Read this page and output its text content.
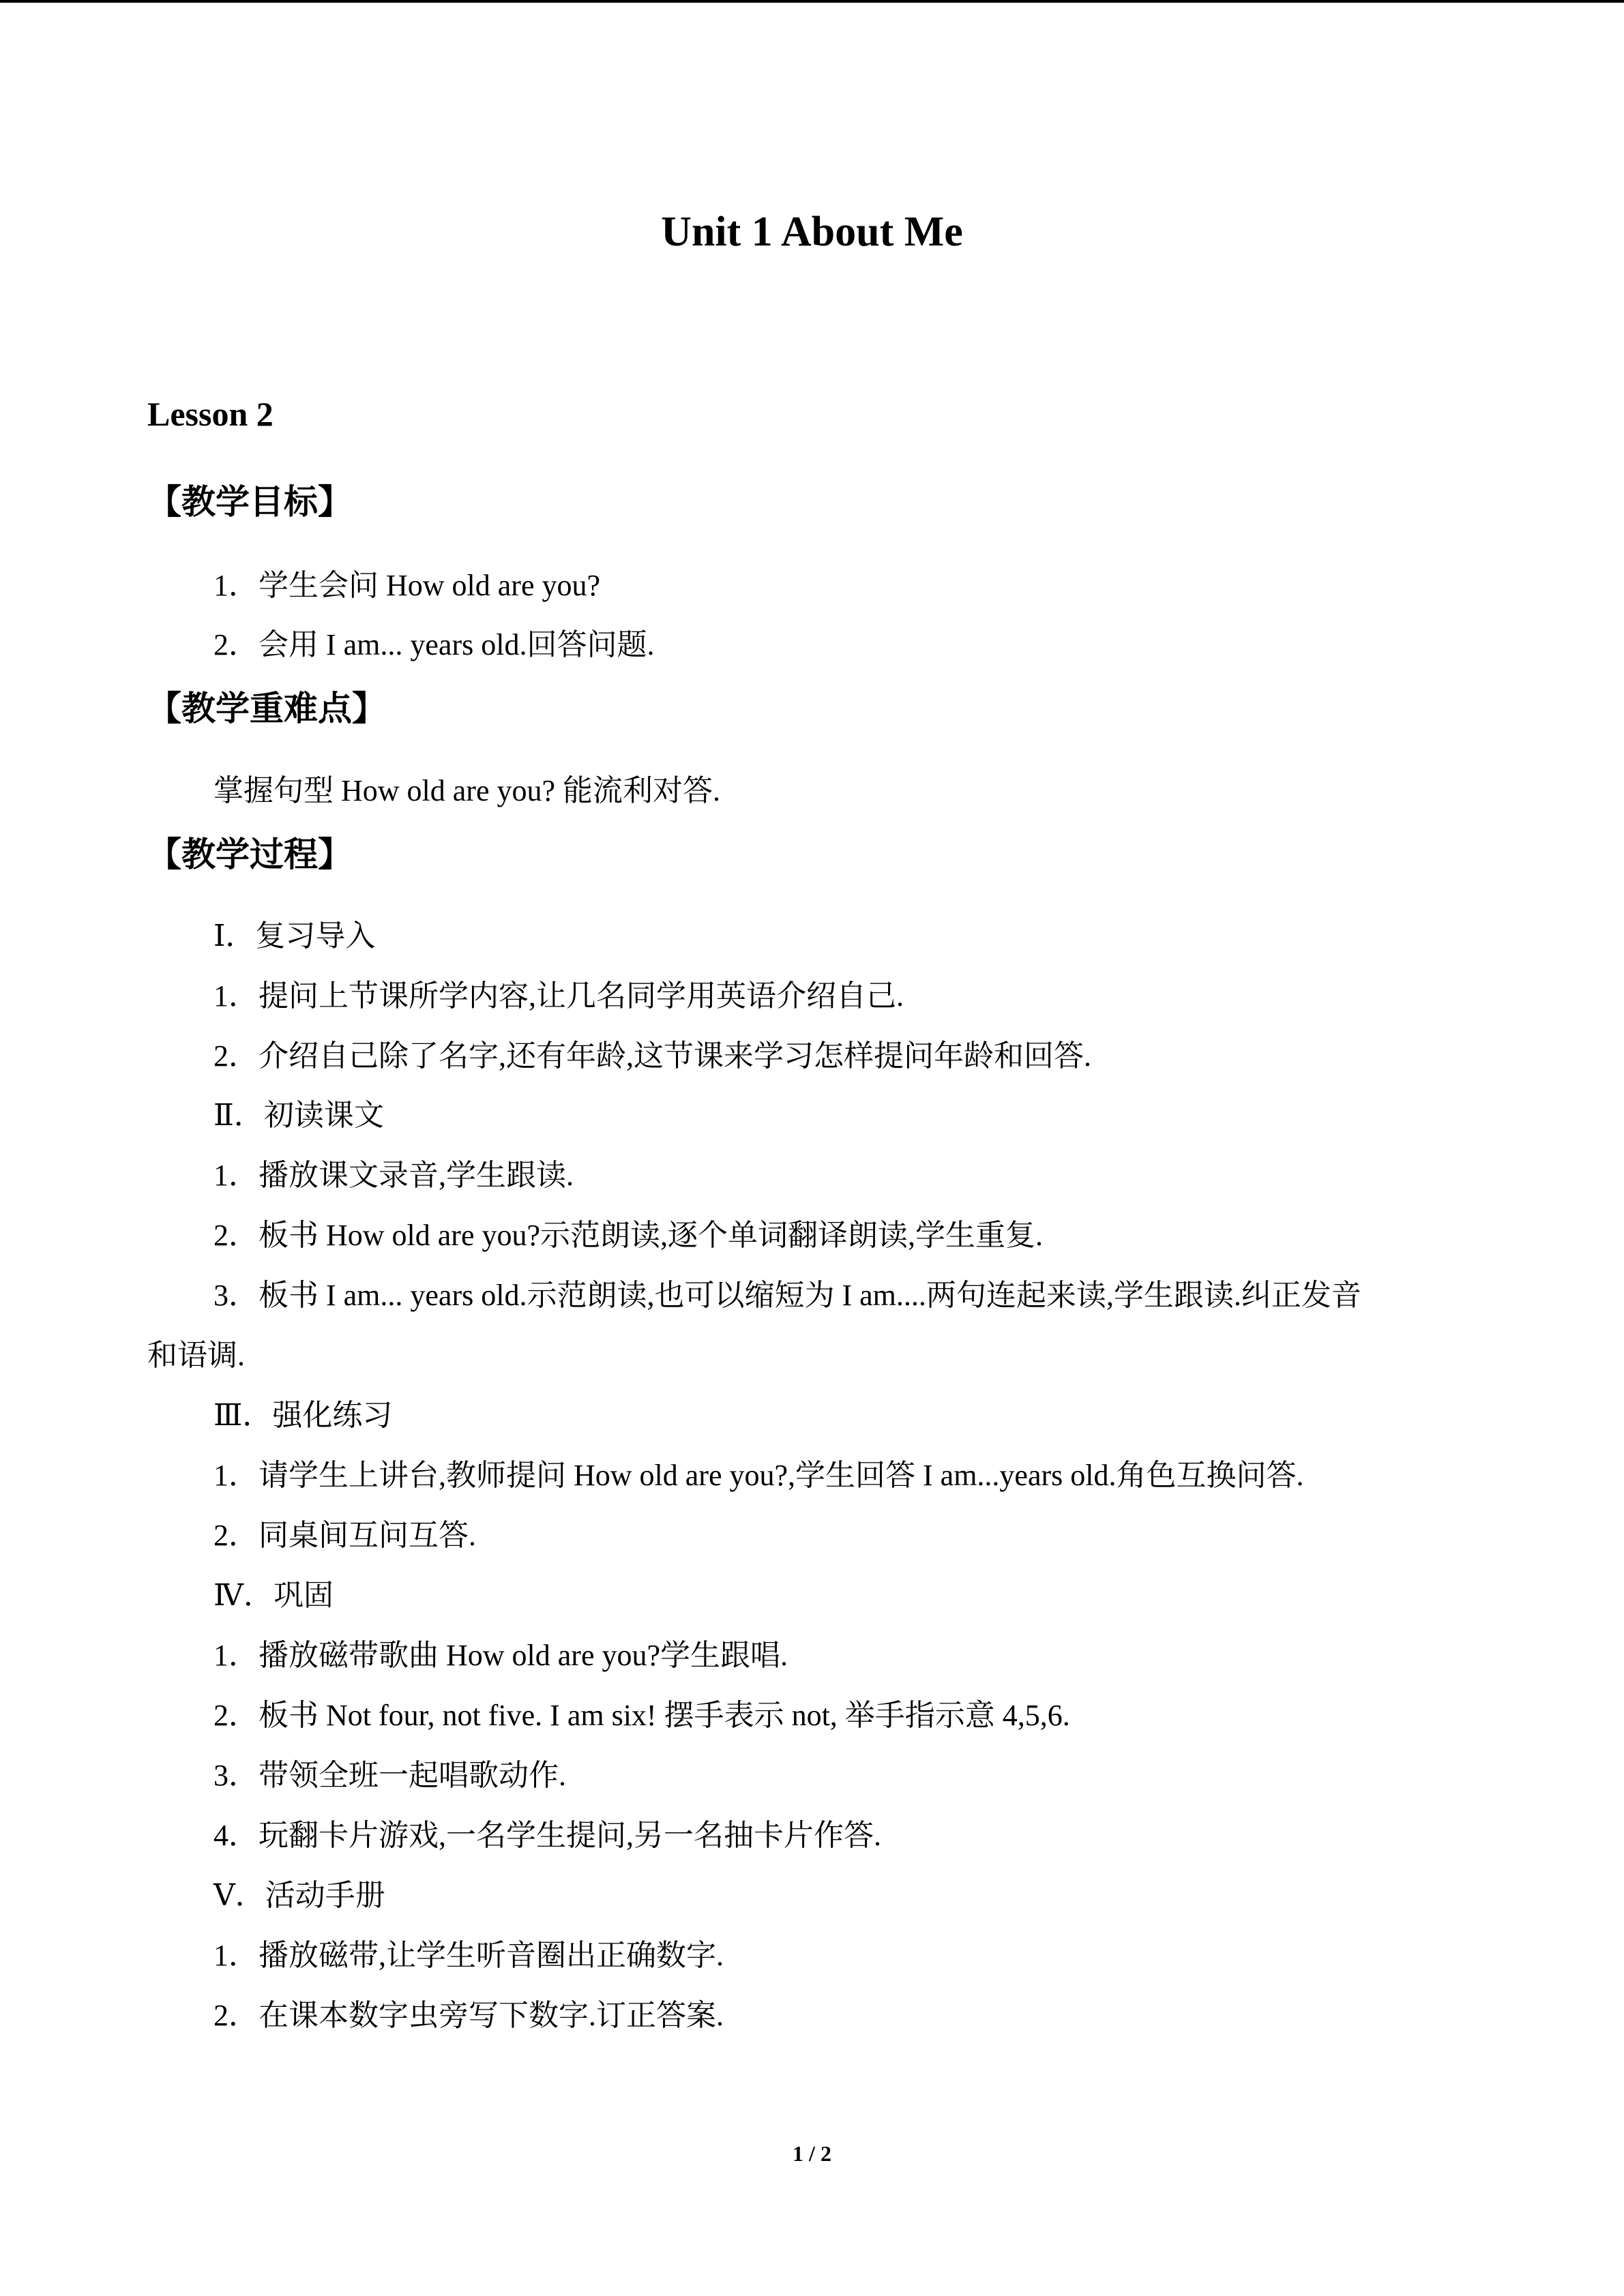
Unit 1 About Me
Lesson 2
【教学目标】
1．学生会问 How old are you?
2．会用 I am... years old.回答问题.
【教学重难点】
掌握句型 How old are you? 能流利对答.
【教学过程】
Ⅰ．复习导入
1．提问上节课所学内容,让几名同学用英语介绍自己.
2．介绍自己除了名字,还有年龄,这节课来学习怎样提问年龄和回答.
Ⅱ．初读课文
1．播放课文录音,学生跟读.
2．板书 How old are you?示范朗读,逐个单词翻译朗读,学生重复.
3．板书 I am... years old.示范朗读,也可以缩短为 I am....两句连起来读,学生跟读.纠正发音
和语调.
Ⅲ．强化练习
1．请学生上讲台,教师提问 How old are you?,学生回答 I am...years old.角色互换问答.
2．同桌间互问互答.
Ⅳ．巩固
1．播放磁带歌曲 How old are you?学生跟唱.
2．板书 Not four, not five. I am six! 摆手表示 not, 举手指示意 4,5,6.
3．带领全班一起唱歌动作.
4．玩翻卡片游戏,一名学生提问,另一名抽卡片作答.
Ⅴ．活动手册
1．播放磁带,让学生听音圈出正确数字.
2．在课本数字虫旁写下数字.订正答案.
1 / 2
